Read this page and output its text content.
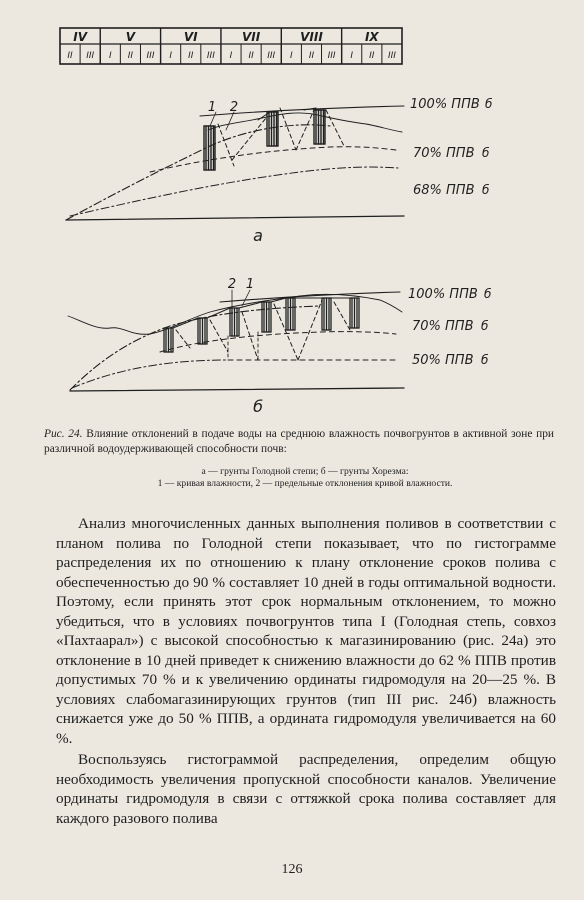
IV	V	VI	VII	VIII	IX
II III I II III I II III I II III I II III I II III
1 2	100% ППВ
70% ППВ
68% ППВ
б
б
б
а
2 1
100% ППВ
70% ППВ
50% ППВ
б
б
б
б
Рис. 24. Влияние отклонений в подаче воды на среднюю влажность почвогрунтов в активной зоне при различной водоудерживающей способности почв:
а — грунты Голодной степи; б — грунты Хорезма:
1 — кривая влажности, 2 — предельные отклонения кривой влажности.

Анализ многочисленных данных выполнения поливов в соответствии с планом полива по Голодной степи показывает, что по гистограмме распределения их по отношению к плану отклонение сроков полива с обеспеченностью до 90 % составляет 10 дней в годы оптимальной водности. Поэтому, если принять этот срок нормальным отклонением, то можно убедиться, что в условиях почвогрунтов типа I (Голодная степь, совхоз «Пахтаарал») с высокой способностью к магазинированию (рис. 24а) это отклонение в 10 дней приведет к снижению влажности до 62 % ППВ против допустимых 70 % и к увеличению ординаты гидромодуля на 20—25 %. В условиях слабомагазинирующих грунтов (тип III рис. 24б) влажность снижается уже до 50 % ППВ, а ордината гидромодуля увеличивается на 60 %.

Воспользуясь гистограммой распределения, определим общую необходимость увеличения пропускной способности каналов. Увеличение ординаты гидромодуля в связи с оттяжкой срока полива составляет для каждого разового полива

126
